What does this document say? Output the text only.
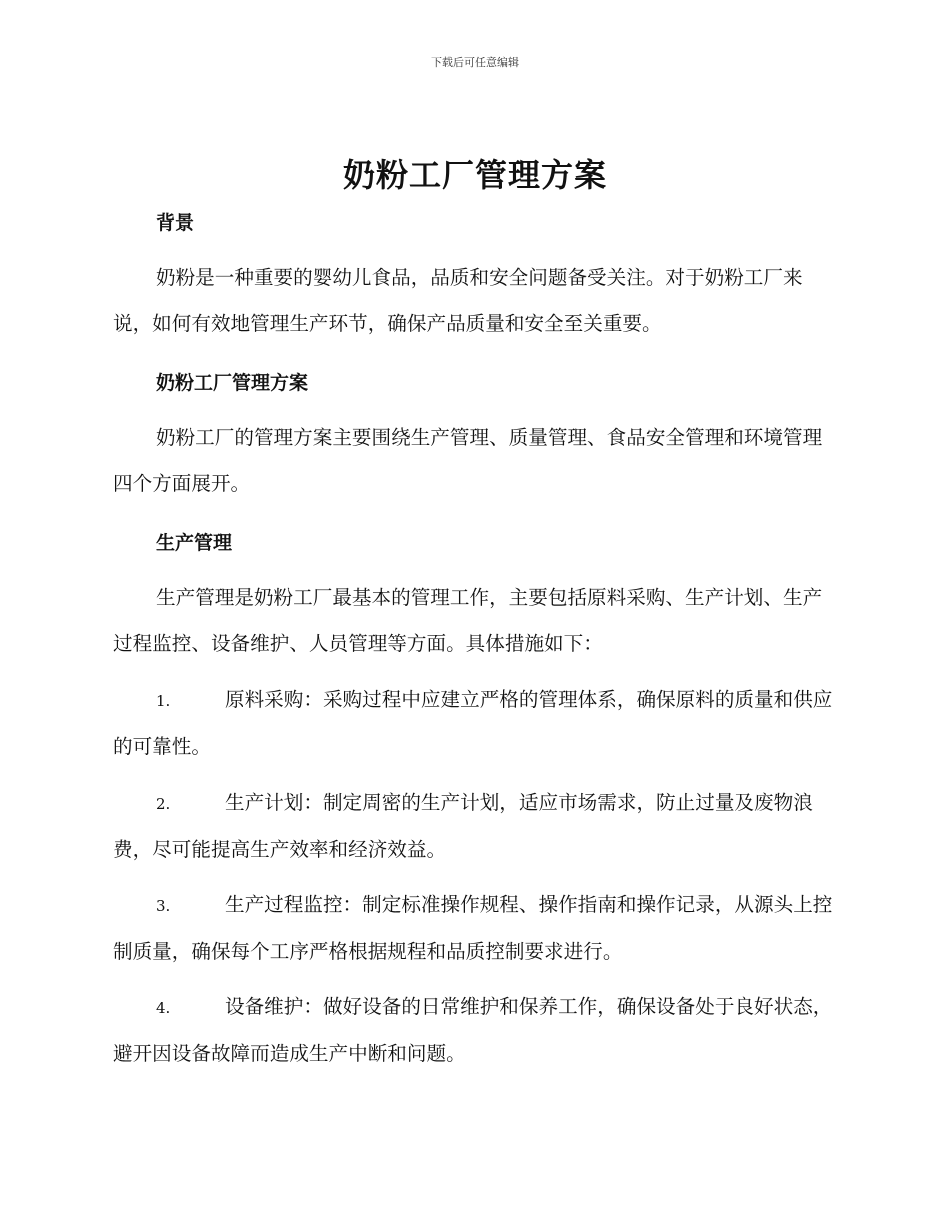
下载后可任意编辑
奶粉工厂管理方案
背景
奶粉是一种重要的婴幼儿食品，品质和安全问题备受关注。对于奶粉工厂来说，如何有效地管理生产环节，确保产品质量和安全至关重要。
奶粉工厂管理方案
奶粉工厂的管理方案主要围绕生产管理、质量管理、食品安全管理和环境管理四个方面展开。
生产管理
生产管理是奶粉工厂最基本的管理工作，主要包括原料采购、生产计划、生产过程监控、设备维护、人员管理等方面。具体措施如下：
1.	原料采购：采购过程中应建立严格的管理体系，确保原料的质量和供应的可靠性。
2.	生产计划：制定周密的生产计划，适应市场需求，防止过量及废物浪费，尽可能提高生产效率和经济效益。
3.	生产过程监控：制定标准操作规程、操作指南和操作记录，从源头上控制质量，确保每个工序严格根据规程和品质控制要求进行。
4.	设备维护：做好设备的日常维护和保养工作，确保设备处于良好状态，避开因设备故障而造成生产中断和问题。
